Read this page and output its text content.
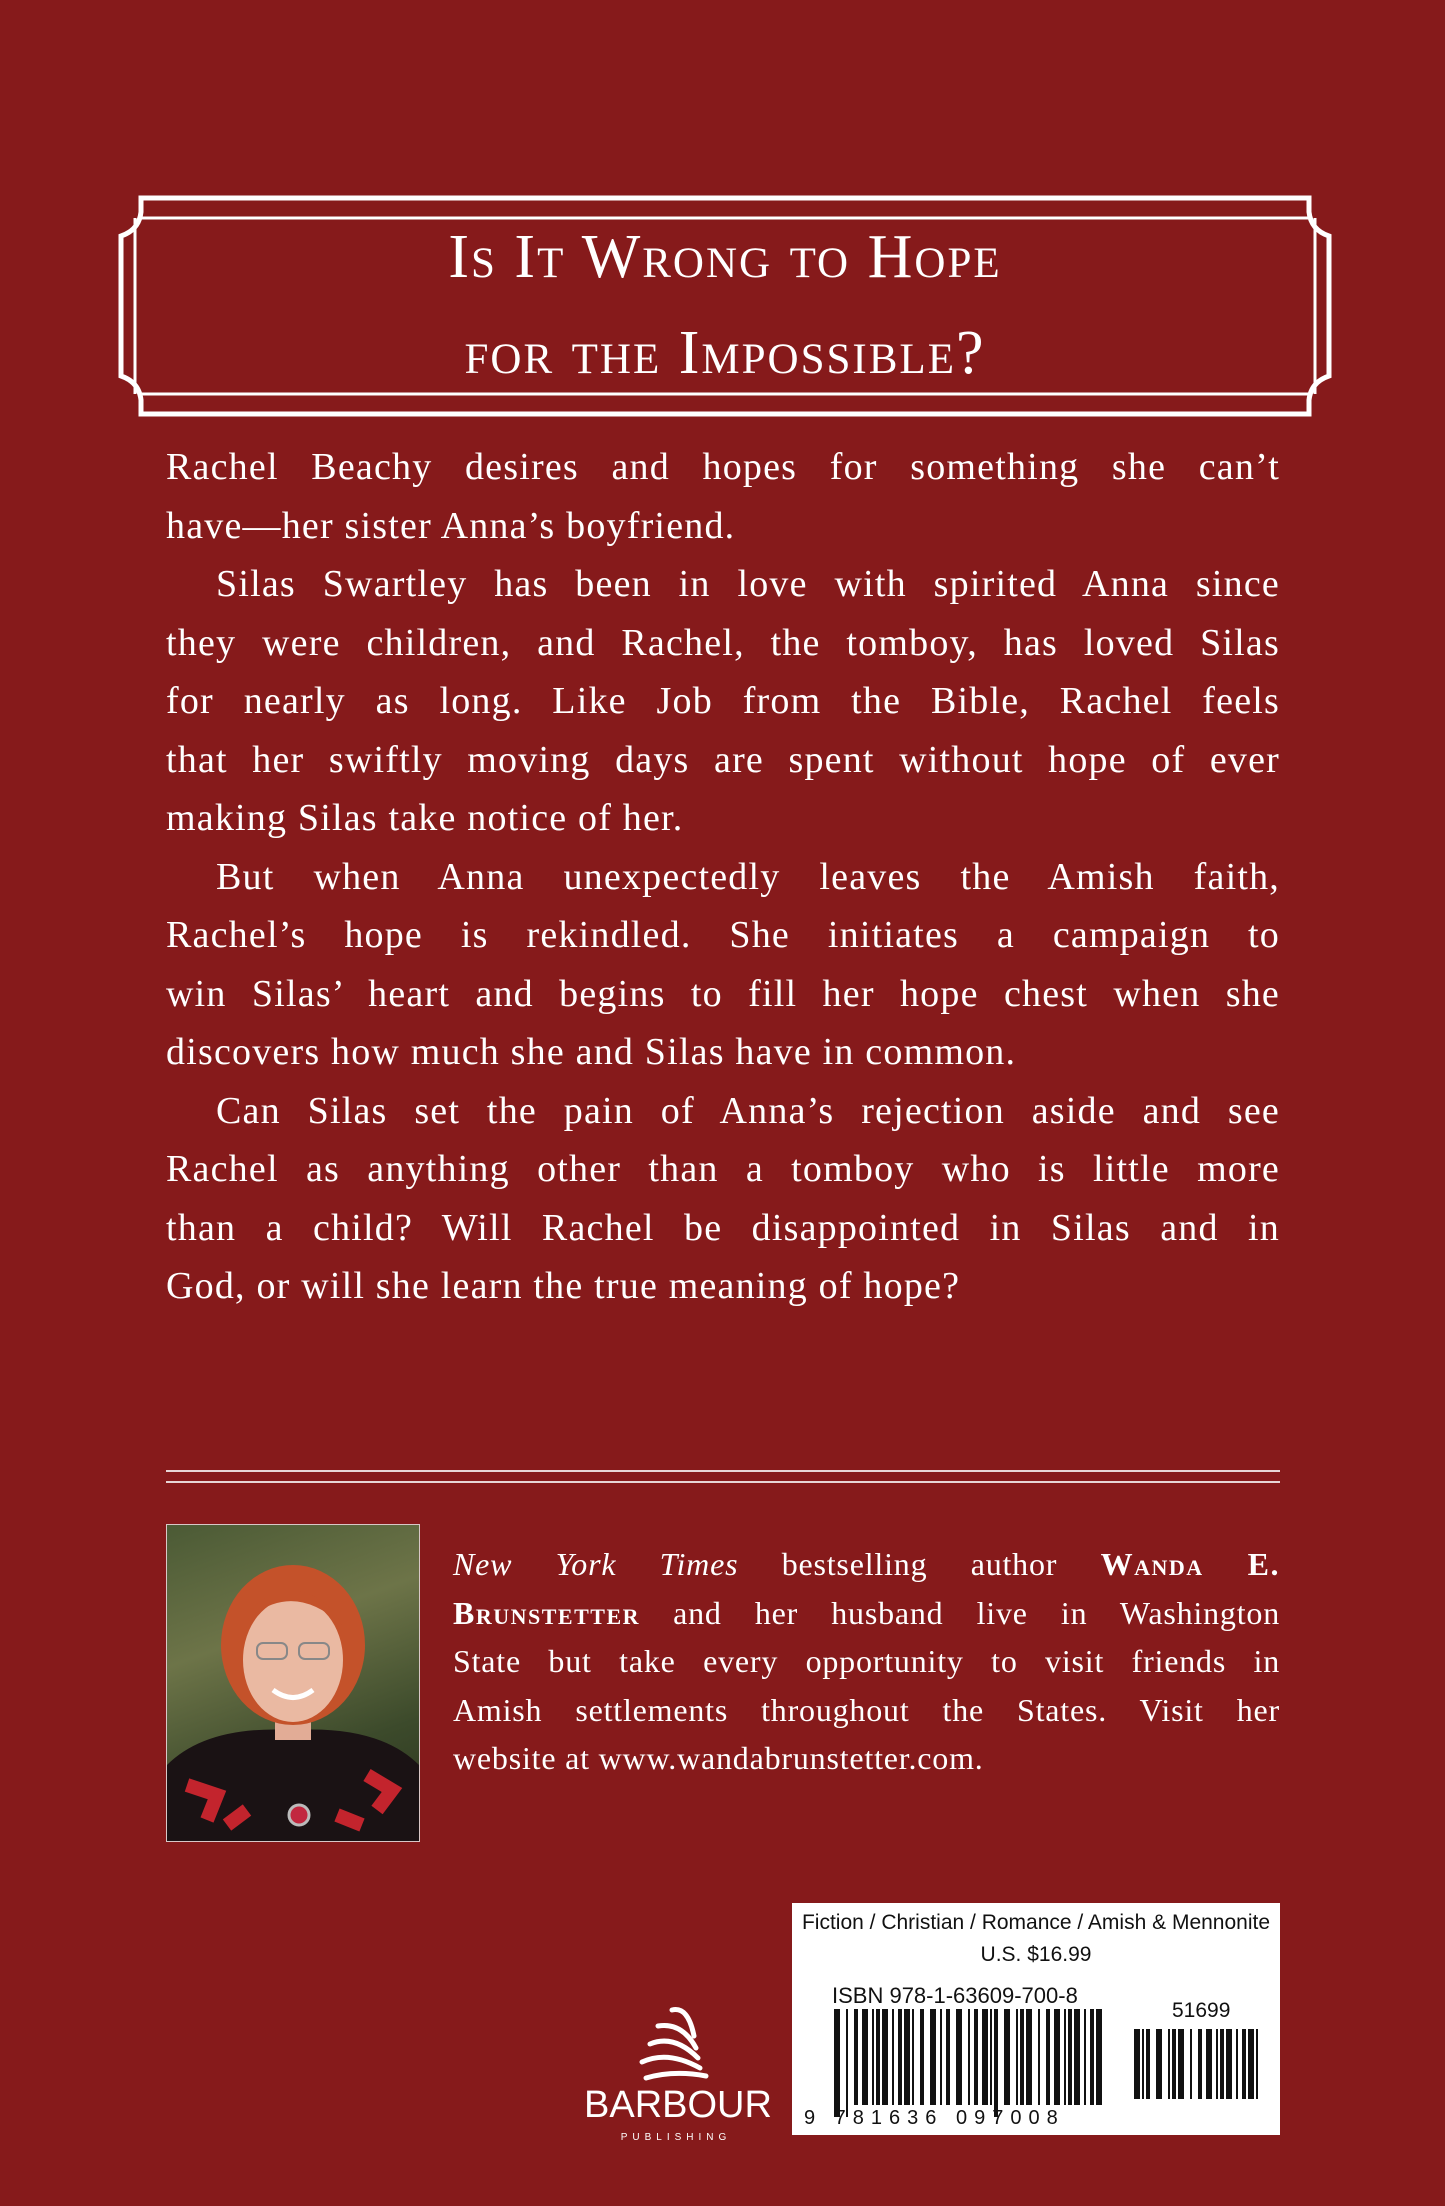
Is It Wrong to Hope
for the Impossible?
Rachel Beachy desires and hopes for something she can’t
have—her sister Anna’s boyfriend.
Silas Swartley has been in love with spirited Anna since
they were children, and Rachel, the tomboy, has loved Silas
for nearly as long. Like Job from the Bible, Rachel feels
that her swiftly moving days are spent without hope of ever
making Silas take notice of her.
But when Anna unexpectedly leaves the Amish faith,
Rachel’s hope is rekindled. She initiates a campaign to
win Silas’ heart and begins to fill her hope chest when she
discovers how much she and Silas have in common.
Can Silas set the pain of Anna’s rejection aside and see
Rachel as anything other than a tomboy who is little more
than a child? Will Rachel be disappointed in Silas and in
God, or will she learn the true meaning of hope?
New York Times bestselling author Wanda E.
Brunstetter and her husband live in Washington
State but take every opportunity to visit friends in
Amish settlements throughout the States. Visit her
website at www.wandabrunstetter.com.
BARBOUR
PUBLISHING
Fiction / Christian / Romance / Amish & Mennonite
U.S. $16.99
ISBN 978-1-63609-700-8
51699
9 781636 097008
